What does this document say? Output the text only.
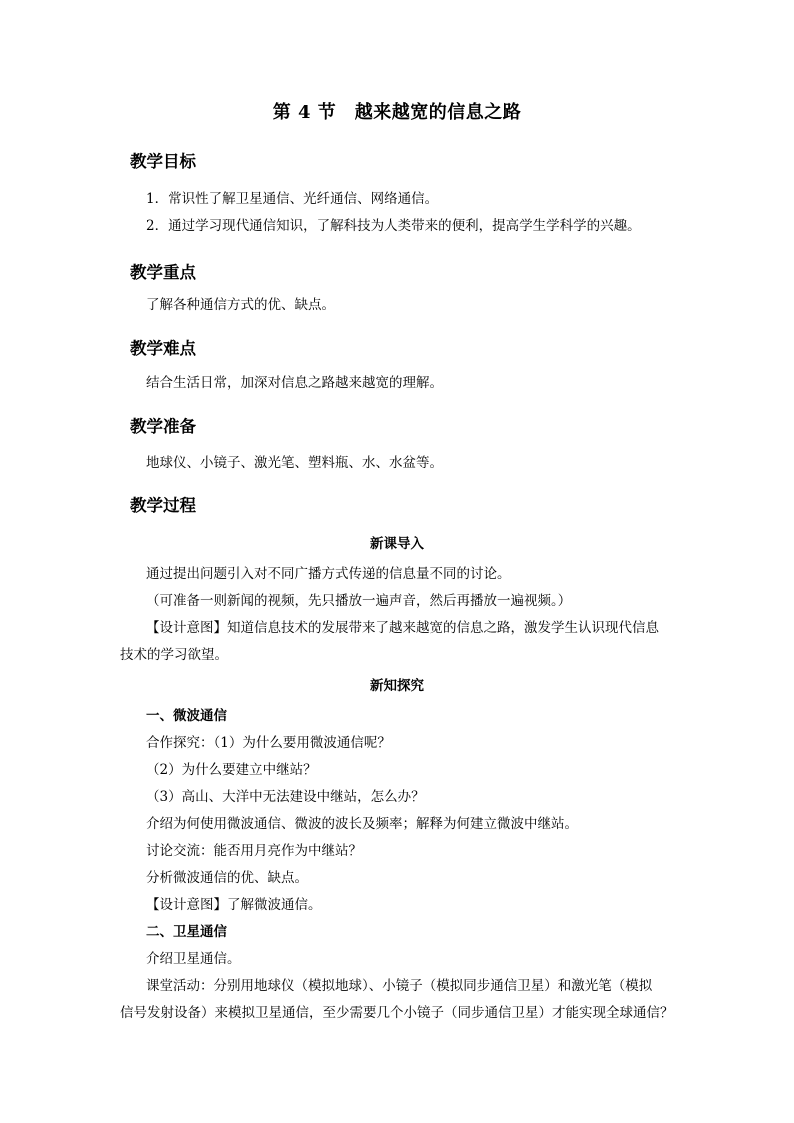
第 4 节　越来越宽的信息之路
教学目标
1．常识性了解卫星通信、光纤通信、网络通信。
2．通过学习现代通信知识，了解科技为人类带来的便利，提高学生学科学的兴趣。
教学重点
了解各种通信方式的优、缺点。
教学难点
结合生活日常，加深对信息之路越来越宽的理解。
教学准备
地球仪、小镜子、激光笔、塑料瓶、水、水盆等。
教学过程
新课导入
通过提出问题引入对不同广播方式传递的信息量不同的讨论。
（可准备一则新闻的视频，先只播放一遍声音，然后再播放一遍视频。）
【设计意图】知道信息技术的发展带来了越来越宽的信息之路，激发学生认识现代信息
技术的学习欲望。
新知探究
一、微波通信
合作探究：（1）为什么要用微波通信呢？
（2）为什么要建立中继站？
（3）高山、大洋中无法建设中继站，怎么办？
介绍为何使用微波通信、微波的波长及频率；解释为何建立微波中继站。
讨论交流：能否用月亮作为中继站？
分析微波通信的优、缺点。
【设计意图】了解微波通信。
二、卫星通信
介绍卫星通信。
课堂活动：分别用地球仪（模拟地球）、小镜子（模拟同步通信卫星）和激光笔（模拟
信号发射设备）来模拟卫星通信，至少需要几个小镜子（同步通信卫星）才能实现全球通信？
